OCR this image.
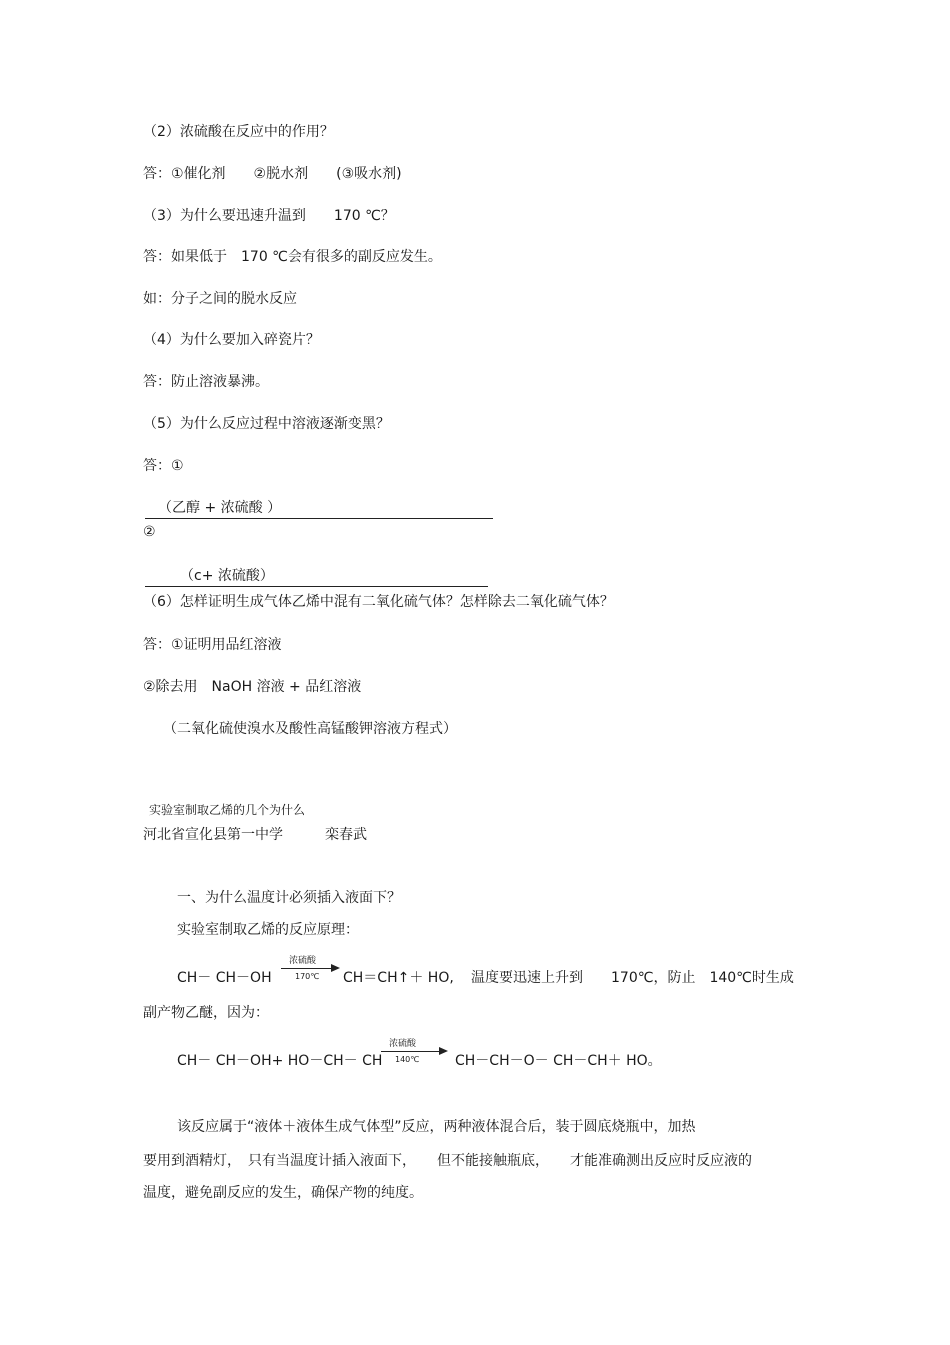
（2）浓硫酸在反应中的作用？
答：①催化剂　　②脱水剂　　(③吸水剂)
（3）为什么要迅速升温到　　170 ℃？
答：如果低于　170 ℃会有很多的副反应发生。
如：分子之间的脱水反应
（4）为什么要加入碎瓷片？
答：防止溶液暴沸。
（5）为什么反应过程中溶液逐渐变黑？
答：①
（乙醇 + 浓硫酸 ）
②
（c+ 浓硫酸）
（6）怎样证明生成气体乙烯中混有二氧化硫气体？怎样除去二氧化硫气体？
答：①证明用品红溶液
②除去用　NaOH 溶液 + 品红溶液
（二氧化硫使溴水及酸性高锰酸钾溶液方程式）
实验室制取乙烯的几个为什么
河北省宣化县第一中学　　　栾春武
一、为什么温度计必须插入液面下？
实验室制取乙烯的反应原理：
CH－ CH－OH
浓硫酸
170℃ CH＝CH↑＋ HO, 温度要迅速上升到　　170℃，防止　140℃时生成
副产物乙醚，因为：
CH－ CH－OH+ HO－CH－ CH
浓硫酸
140℃	CH－CH－O－ CH－CH＋ HO。
该反应属于“液体＋液体生成气体型”反应，两种液体混合后，装于圆底烧瓶中，加热
要用到酒精灯，　只有当温度计插入液面下，　　但不能接触瓶底，　　才能准确测出反应时反应液的
温度，避免副反应的发生，确保产物的纯度。
